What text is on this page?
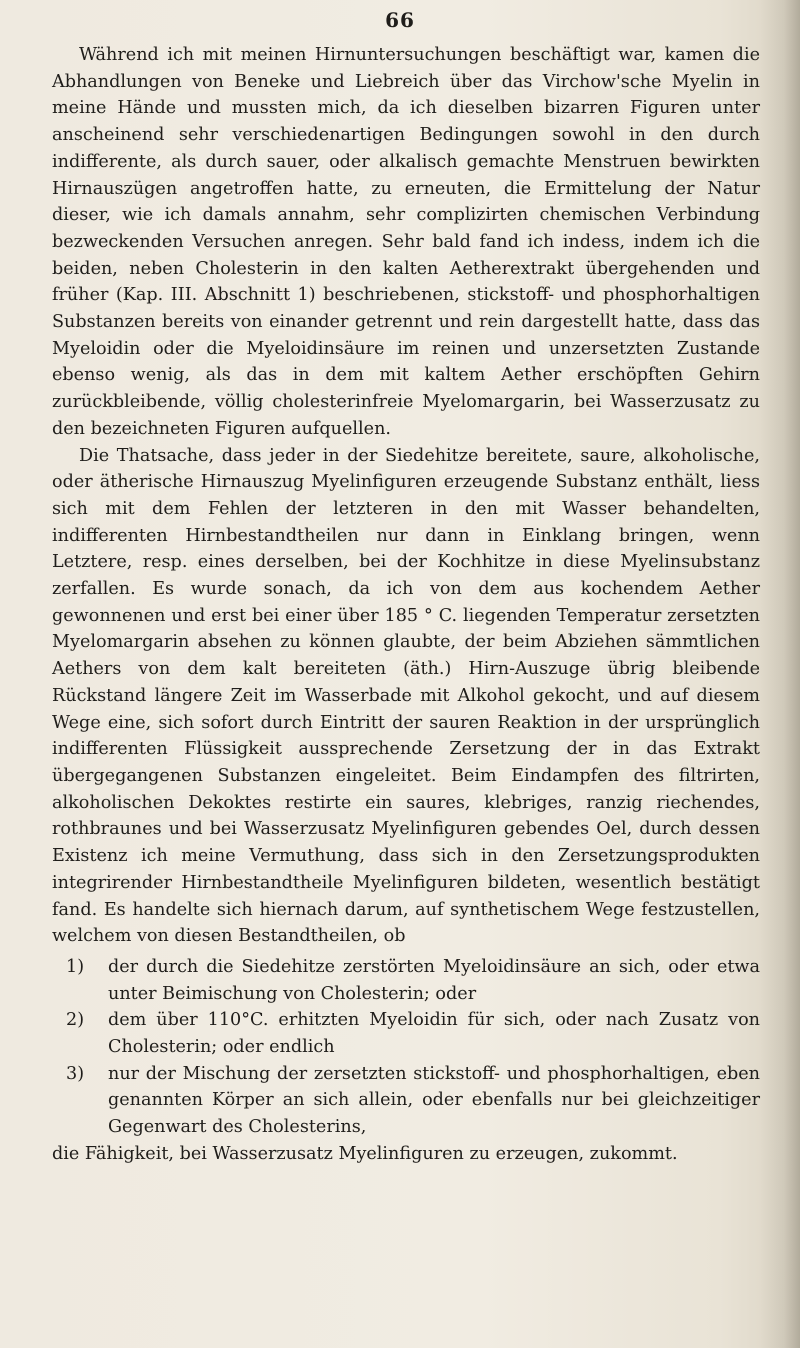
66

Während ich mit meinen Hirnuntersuchungen beschäftigt war, kamen die Abhandlungen von Beneke und Liebreich über das Virchow'sche Myelin in meine Hände und mussten mich, da ich dieselben bizarren Figuren unter anscheinend sehr verschiedenartigen Bedingungen sowohl in den durch indifferente, als durch sauer, oder alkalisch gemachte Menstruen bewirkten Hirnauszügen angetroffen hatte, zu erneuten, die Ermittelung der Natur dieser, wie ich damals annahm, sehr complizirten chemischen Verbindung bezweckenden Versuchen anregen. Sehr bald fand ich indess, indem ich die beiden, neben Cholesterin in den kalten Aetherextrakt übergehenden und früher (Kap. III. Abschnitt 1) beschriebenen, stickstoff- und phosphorhaltigen Substanzen bereits von einander getrennt und rein dargestellt hatte, dass das Myeloidin oder die Myeloidinsäure im reinen und unzersetzten Zustande ebenso wenig, als das in dem mit kaltem Aether erschöpften Gehirn zurückbleibende, völlig cholesterinfreie Myelomargarin, bei Wasserzusatz zu den bezeichneten Figuren aufquellen.

Die Thatsache, dass jeder in der Siedehitze bereitete, saure, alkoholische, oder ätherische Hirnauszug Myelinfiguren erzeugende Substanz enthält, liess sich mit dem Fehlen der letzteren in den mit Wasser behandelten, indifferenten Hirnbestandtheilen nur dann in Einklang bringen, wenn Letztere, resp. eines derselben, bei der Kochhitze in diese Myelinsubstanz zerfallen. Es wurde sonach, da ich von dem aus kochendem Aether gewonnenen und erst bei einer über 185 ° C. liegenden Temperatur zersetzten Myelomargarin absehen zu können glaubte, der beim Abziehen sämmtlichen Aethers von dem kalt bereiteten (äth.) Hirn-Auszuge übrig bleibende Rückstand längere Zeit im Wasserbade mit Alkohol gekocht, und auf diesem Wege eine, sich sofort durch Eintritt der sauren Reaktion in der ursprünglich indifferenten Flüssigkeit aussprechende Zersetzung der in das Extrakt übergegangenen Substanzen eingeleitet. Beim Eindampfen des filtrirten, alkoholischen Dekoktes restirte ein saures, klebriges, ranzig riechendes, rothbraunes und bei Wasserzusatz Myelinfiguren gebendes Oel, durch dessen Existenz ich meine Vermuthung, dass sich in den Zersetzungsprodukten integrirender Hirnbestandtheile Myelinfiguren bildeten, wesentlich bestätigt fand. Es handelte sich hiernach darum, auf synthetischem Wege festzustellen, welchem von diesen Bestandtheilen, ob

1) der durch die Siedehitze zerstörten Myeloidinsäure an sich, oder etwa unter Beimischung von Cholesterin; oder
2) dem über 110°C. erhitzten Myeloidin für sich, oder nach Zusatz von Cholesterin; oder endlich
3) nur der Mischung der zersetzten stickstoff- und phosphorhaltigen, eben genannten Körper an sich allein, oder ebenfalls nur bei gleichzeitiger Gegenwart des Cholesterins,

die Fähigkeit, bei Wasserzusatz Myelinfiguren zu erzeugen, zukommt.
